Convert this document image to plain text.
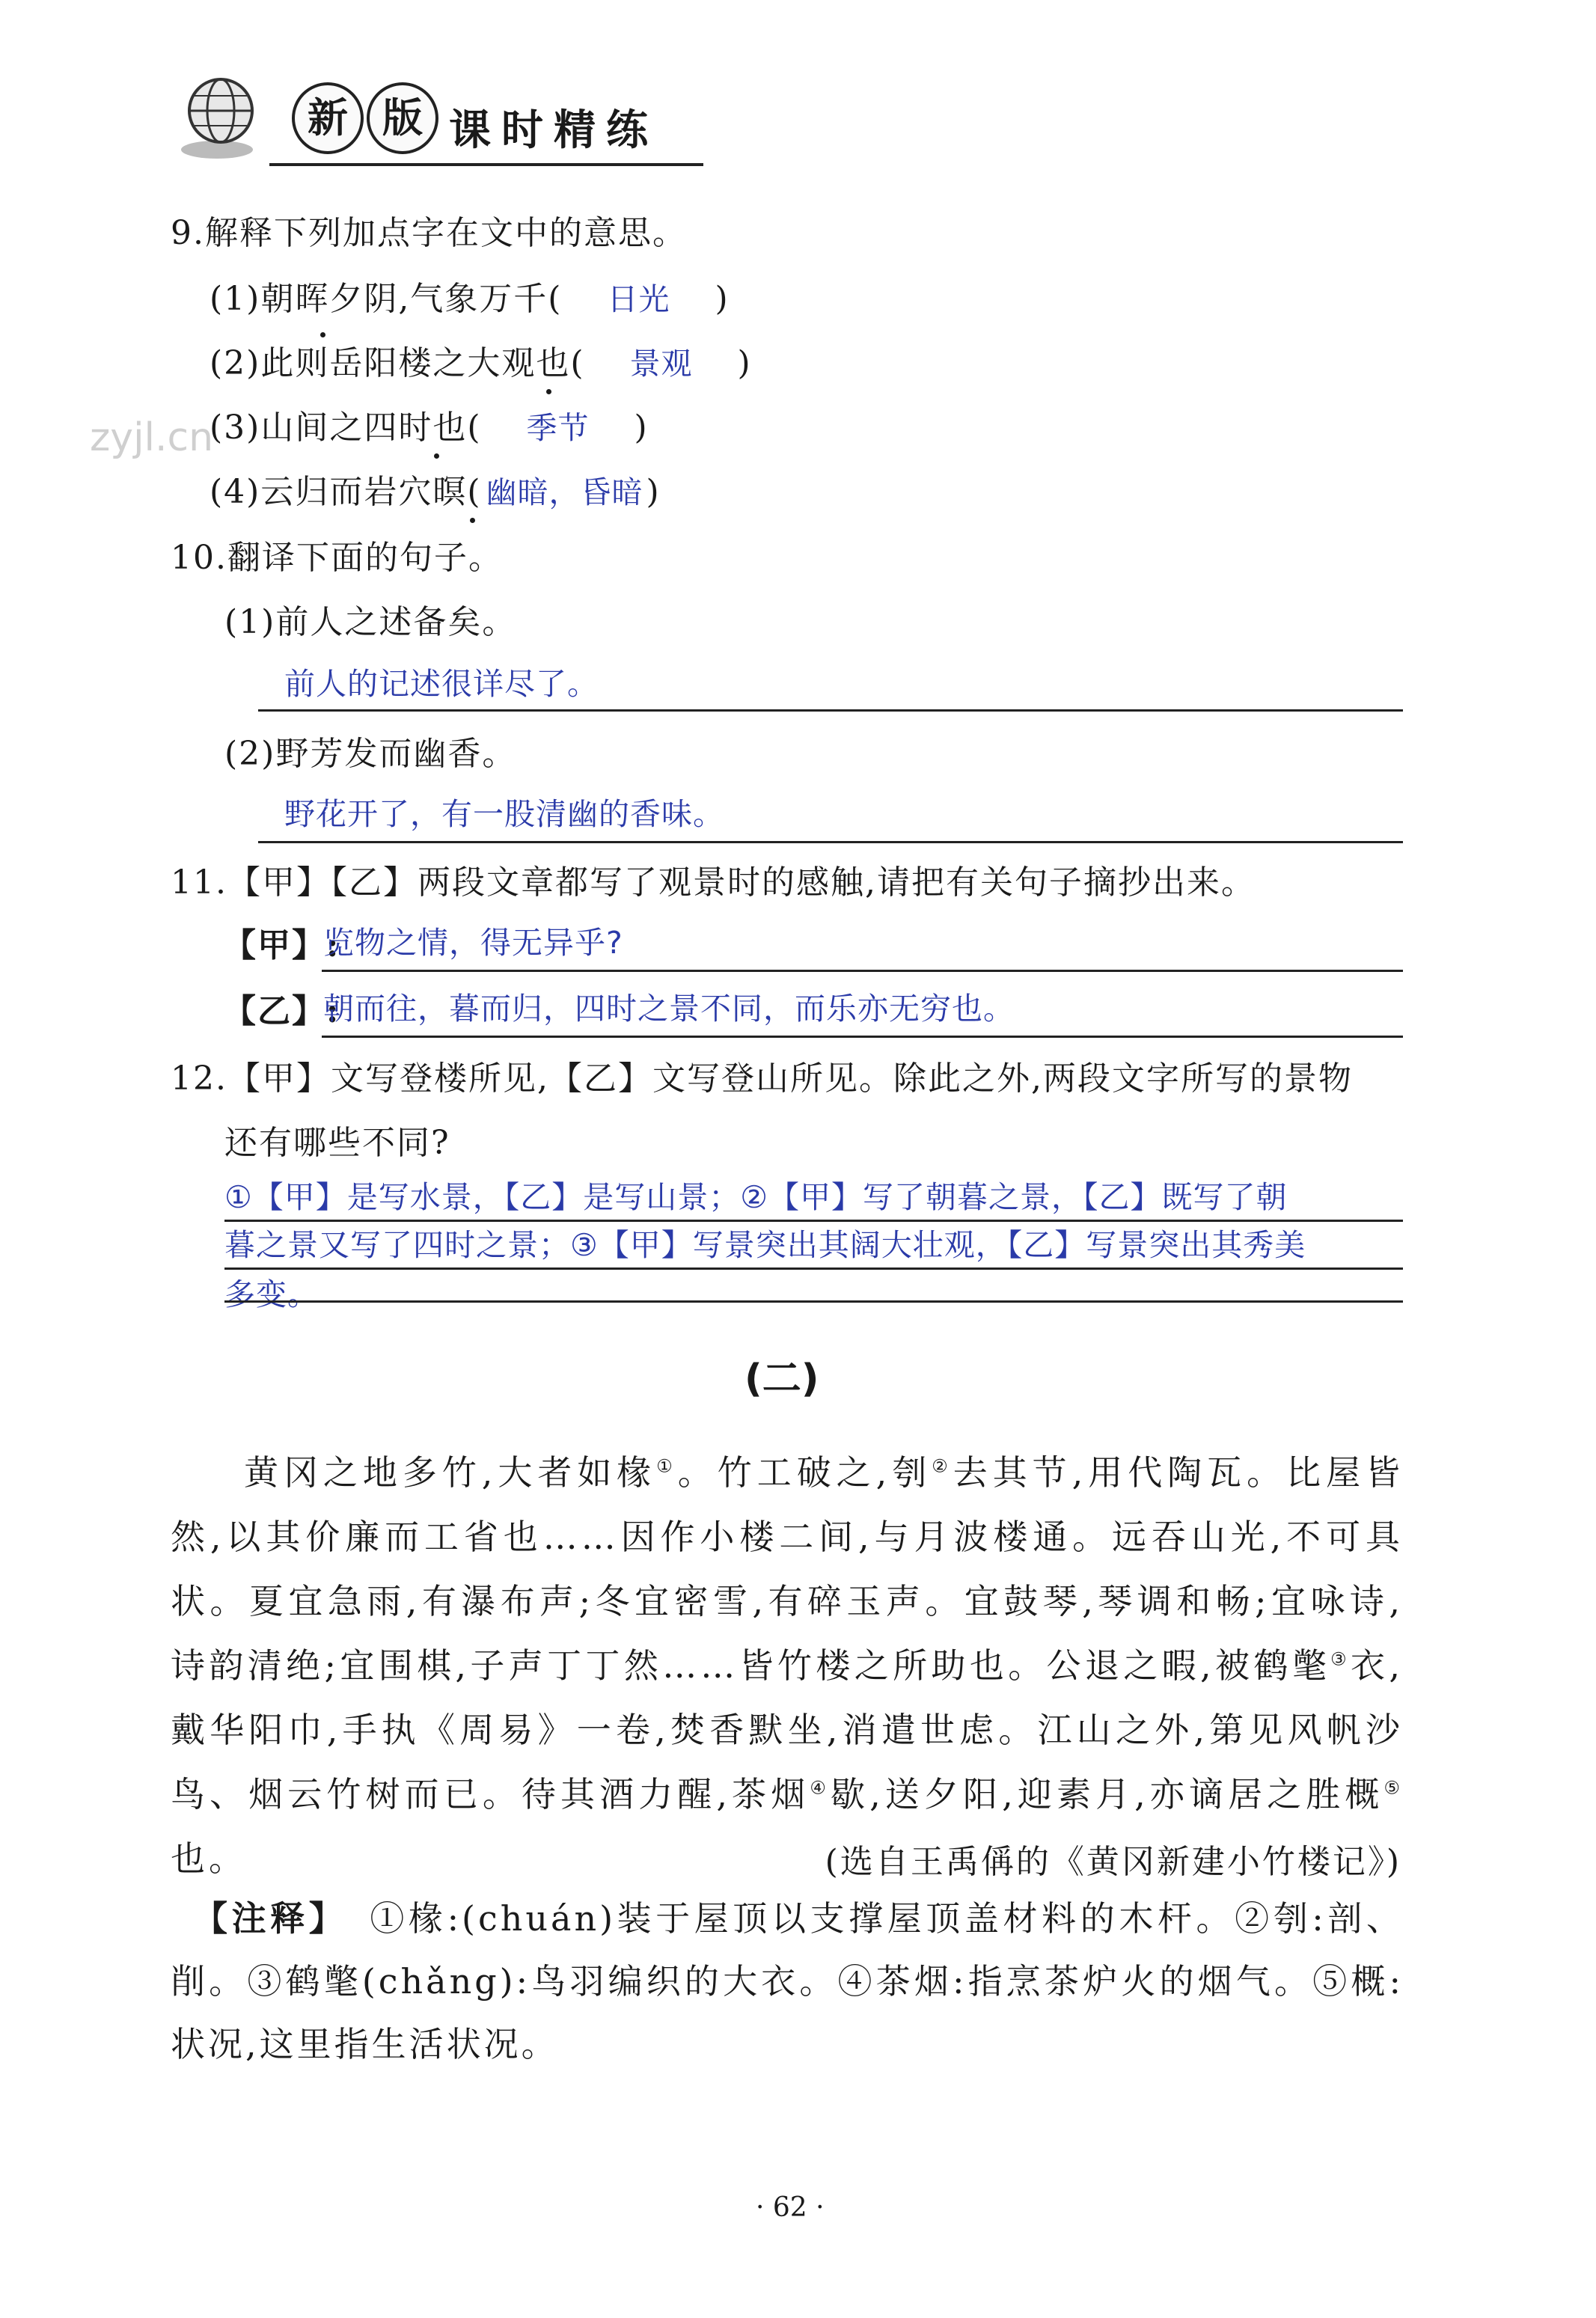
新 版 课时精练
zyjl.cn
9.解释下列加点字在文中的意思。
(1)朝晖夕阴,气象万千( 日光 )
(2)此则岳阳楼之大观也( 景观 )
(3)山间之四时也( 季节 )
(4)云归而岩穴暝( 幽暗，昏暗)
10.翻译下面的句子。
(1)前人之述备矣。
前人的记述很详尽了。
(2)野芳发而幽香。
野花开了，有一股清幽的香味。
11.【甲】【乙】两段文章都写了观景时的感触,请把有关句子摘抄出来。
【甲】:
览物之情，得无异乎?
【乙】:
朝而往，暮而归，四时之景不同，而乐亦无穷也。
12.【甲】文写登楼所见,【乙】文写登山所见。除此之外,两段文字所写的景物
还有哪些不同?
①【甲】是写水景，【乙】是写山景；②【甲】写了朝暮之景，【乙】既写了朝
暮之景又写了四时之景；③【甲】写景突出其阔大壮观，【乙】写景突出其秀美
多变。
(二)
黄冈之地多竹,大者如椽①。竹工破之,刳②去其节,用代陶瓦。比屋皆然,以其价廉而工省也……因作小楼二间,与月波楼通。远吞山光,不可具状。夏宜急雨,有瀑布声;冬宜密雪,有碎玉声。宜鼓琴,琴调和畅;宜咏诗,诗韵清绝;宜围棋,子声丁丁然……皆竹楼之所助也。公退之暇,被鹤氅③衣,戴华阳巾,手执《周易》一卷,焚香默坐,消遣世虑。江山之外,第见风帆沙鸟、烟云竹树而已。待其酒力醒,茶烟④歇,送夕阳,迎素月,亦谪居之胜概⑤也。	(选自王禹偁的《黄冈新建小竹楼记》)
【注释】 ①椽:(chuán)装于屋顶以支撑屋顶盖材料的木杆。②刳:剖、削。③鹤氅(chǎng):鸟羽编织的大衣。④茶烟:指烹茶炉火的烟气。⑤概:状况,这里指生活状况。
· 62 ·
